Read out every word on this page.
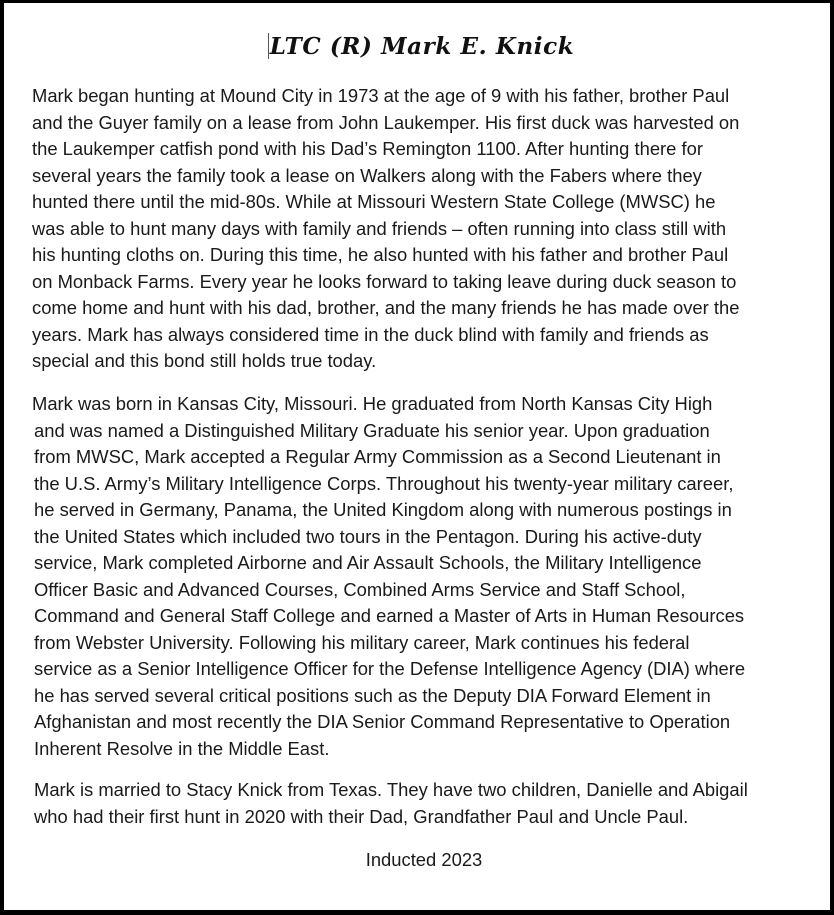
LTC (R) Mark E. Knick

Mark began hunting at Mound City in 1973 at the age of 9 with his father, brother Paul
and the Guyer family on a lease from John Laukemper. His first duck was harvested on
the Laukemper catfish pond with his Dad’s Remington 1100. After hunting there for
several years the family took a lease on Walkers along with the Fabers where they
hunted there until the mid-80s. While at Missouri Western State College (MWSC) he
was able to hunt many days with family and friends – often running into class still with
his hunting cloths on. During this time, he also hunted with his father and brother Paul
on Monback Farms. Every year he looks forward to taking leave during duck season to
come home and hunt with his dad, brother, and the many friends he has made over the
years. Mark has always considered time in the duck blind with family and friends as
special and this bond still holds true today.

Mark was born in Kansas City, Missouri. He graduated from North Kansas City High
and was named a Distinguished Military Graduate his senior year. Upon graduation
from MWSC, Mark accepted a Regular Army Commission as a Second Lieutenant in
the U.S. Army’s Military Intelligence Corps. Throughout his twenty-year military career,
he served in Germany, Panama, the United Kingdom along with numerous postings in
the United States which included two tours in the Pentagon. During his active-duty
service, Mark completed Airborne and Air Assault Schools, the Military Intelligence
Officer Basic and Advanced Courses, Combined Arms Service and Staff School,
Command and General Staff College and earned a Master of Arts in Human Resources
from Webster University. Following his military career, Mark continues his federal
service as a Senior Intelligence Officer for the Defense Intelligence Agency (DIA) where
he has served several critical positions such as the Deputy DIA Forward Element in
Afghanistan and most recently the DIA Senior Command Representative to Operation
Inherent Resolve in the Middle East.

Mark is married to Stacy Knick from Texas. They have two children, Danielle and Abigail
who had their first hunt in 2020 with their Dad, Grandfather Paul and Uncle Paul.

Inducted 2023
